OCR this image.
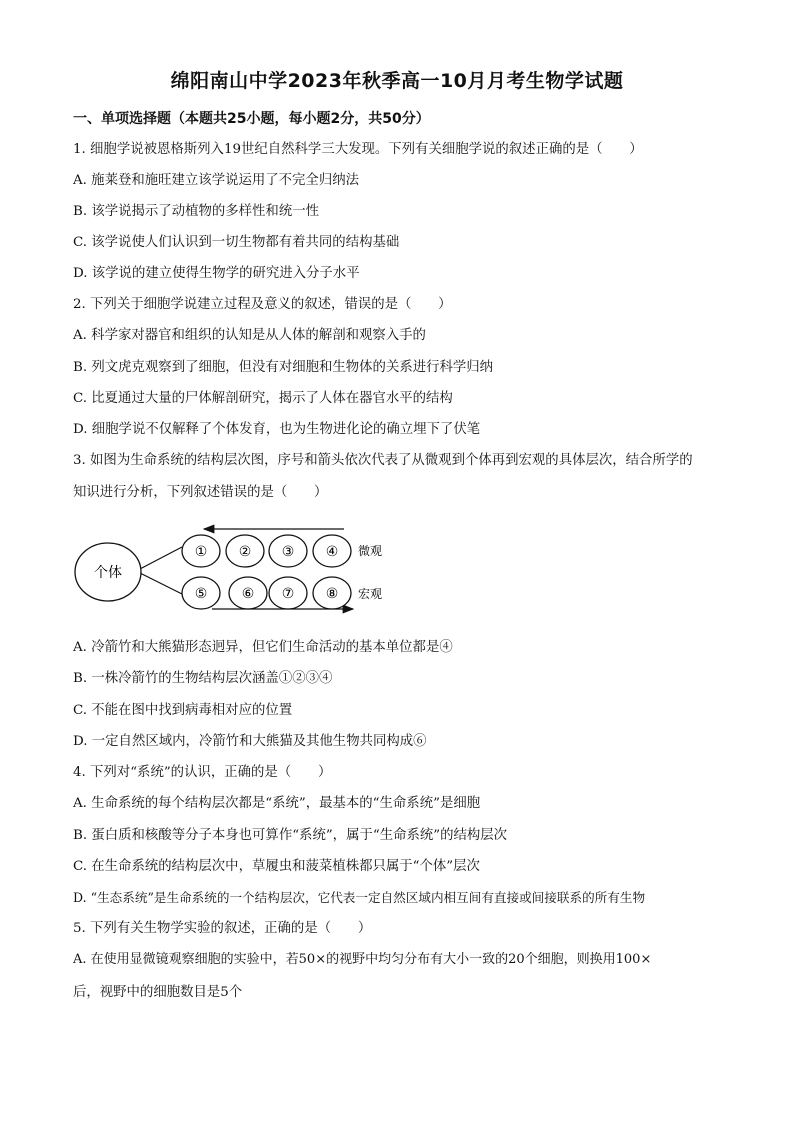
绵阳南山中学2023年秋季高一10月月考生物学试题
一、单项选择题（本题共25小题，每小题2分，共50分）
1. 细胞学说被恩格斯列入19世纪自然科学三大发现。下列有关细胞学说的叙述正确的是（　　）
A. 施莱登和施旺建立该学说运用了不完全归纳法
B. 该学说揭示了动植物的多样性和统一性
C. 该学说使人们认识到一切生物都有着共同的结构基础
D. 该学说的建立使得生物学的研究进入分子水平
2. 下列关于细胞学说建立过程及意义的叙述，错误的是（　　）
A. 科学家对器官和组织的认知是从人体的解剖和观察入手的
B. 列文虎克观察到了细胞，但没有对细胞和生物体的关系进行科学归纳
C. 比夏通过大量的尸体解剖研究，揭示了人体在器官水平的结构
D. 细胞学说不仅解释了个体发育，也为生物进化论的确立埋下了伏笔
3. 如图为生命系统的结构层次图，序号和箭头依次代表了从微观到个体再到宏观的具体层次，结合所学的
知识进行分析，下列叙述错误的是（　　）
个体
① ② ③ ④ 微观
⑤ ⑥ ⑦ ⑧ 宏观
A. 冷箭竹和大熊猫形态迥异，但它们生命活动的基本单位都是④
B. 一株冷箭竹的生物结构层次涵盖①②③④
C. 不能在图中找到病毒相对应的位置
D. 一定自然区域内，冷箭竹和大熊猫及其他生物共同构成⑥
4. 下列对“系统”的认识，正确的是（　　）
A. 生命系统的每个结构层次都是“系统”，最基本的“生命系统”是细胞
B. 蛋白质和核酸等分子本身也可算作“系统”，属于“生命系统”的结构层次
C. 在生命系统的结构层次中，草履虫和菠菜植株都只属于“个体”层次
D. “生态系统”是生命系统的一个结构层次，它代表一定自然区域内相互间有直接或间接联系的所有生物
5. 下列有关生物学实验的叙述，正确的是（　　）
A. 在使用显微镜观察细胞的实验中，若50×的视野中均匀分布有大小一致的20个细胞，则换用100×
后，视野中的细胞数目是5个
